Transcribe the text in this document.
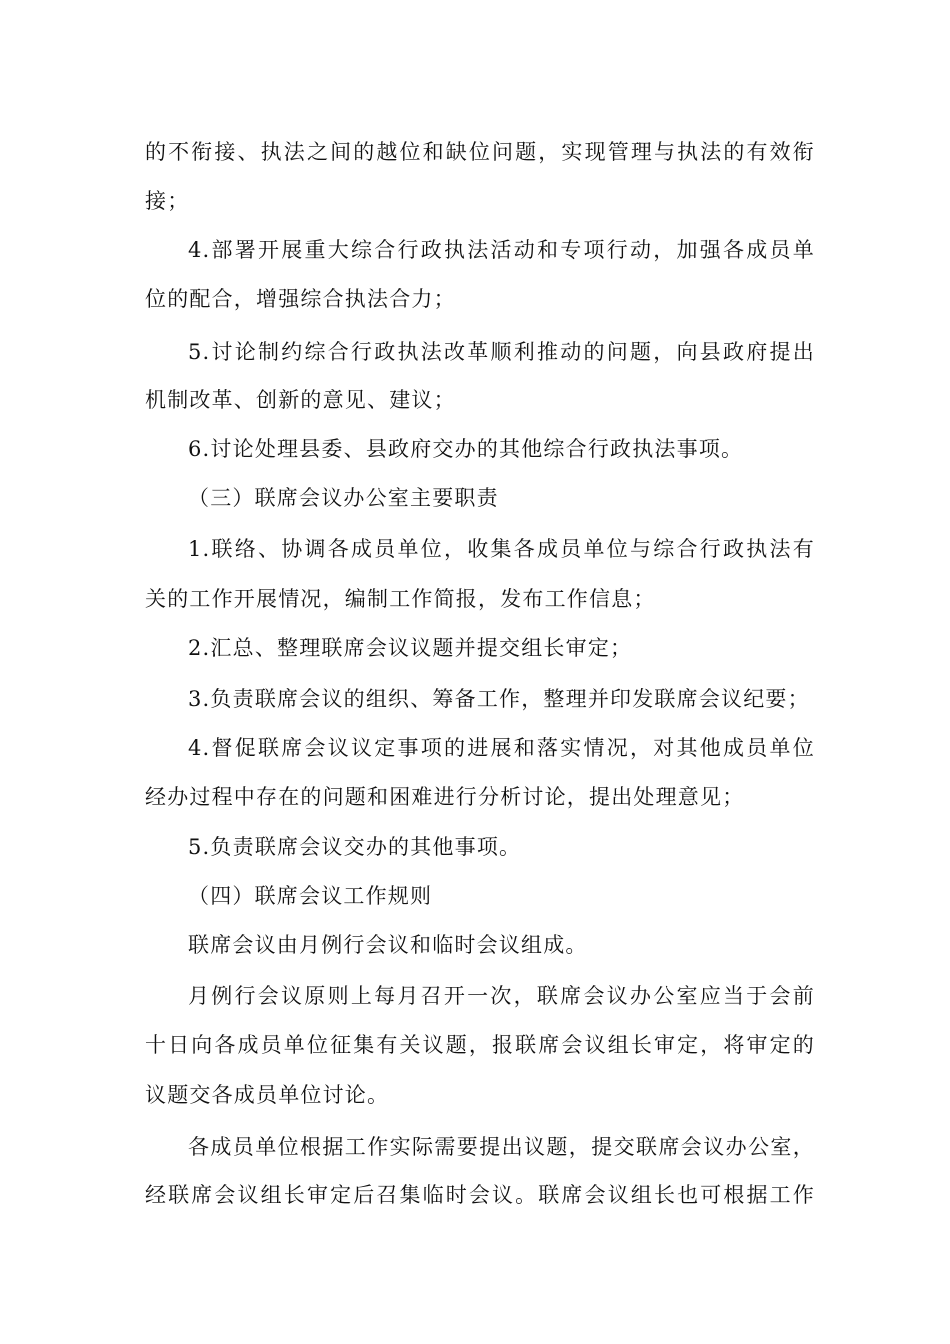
的不衔接、执法之间的越位和缺位问题，实现管理与执法的有效衔
接；
4.部署开展重大综合行政执法活动和专项行动，加强各成员单
位的配合，增强综合执法合力；
5.讨论制约综合行政执法改革顺利推动的问题，向县政府提出
机制改革、创新的意见、建议；
6.讨论处理县委、县政府交办的其他综合行政执法事项。
（三）联席会议办公室主要职责
1.联络、协调各成员单位，收集各成员单位与综合行政执法有
关的工作开展情况，编制工作简报，发布工作信息；
2.汇总、整理联席会议议题并提交组长审定；
3.负责联席会议的组织、筹备工作，整理并印发联席会议纪要；
4.督促联席会议议定事项的进展和落实情况，对其他成员单位
经办过程中存在的问题和困难进行分析讨论，提出处理意见；
5.负责联席会议交办的其他事项。
（四）联席会议工作规则
联席会议由月例行会议和临时会议组成。
月例行会议原则上每月召开一次，联席会议办公室应当于会前
十日向各成员单位征集有关议题，报联席会议组长审定，将审定的
议题交各成员单位讨论。
各成员单位根据工作实际需要提出议题，提交联席会议办公室，
经联席会议组长审定后召集临时会议。联席会议组长也可根据工作
